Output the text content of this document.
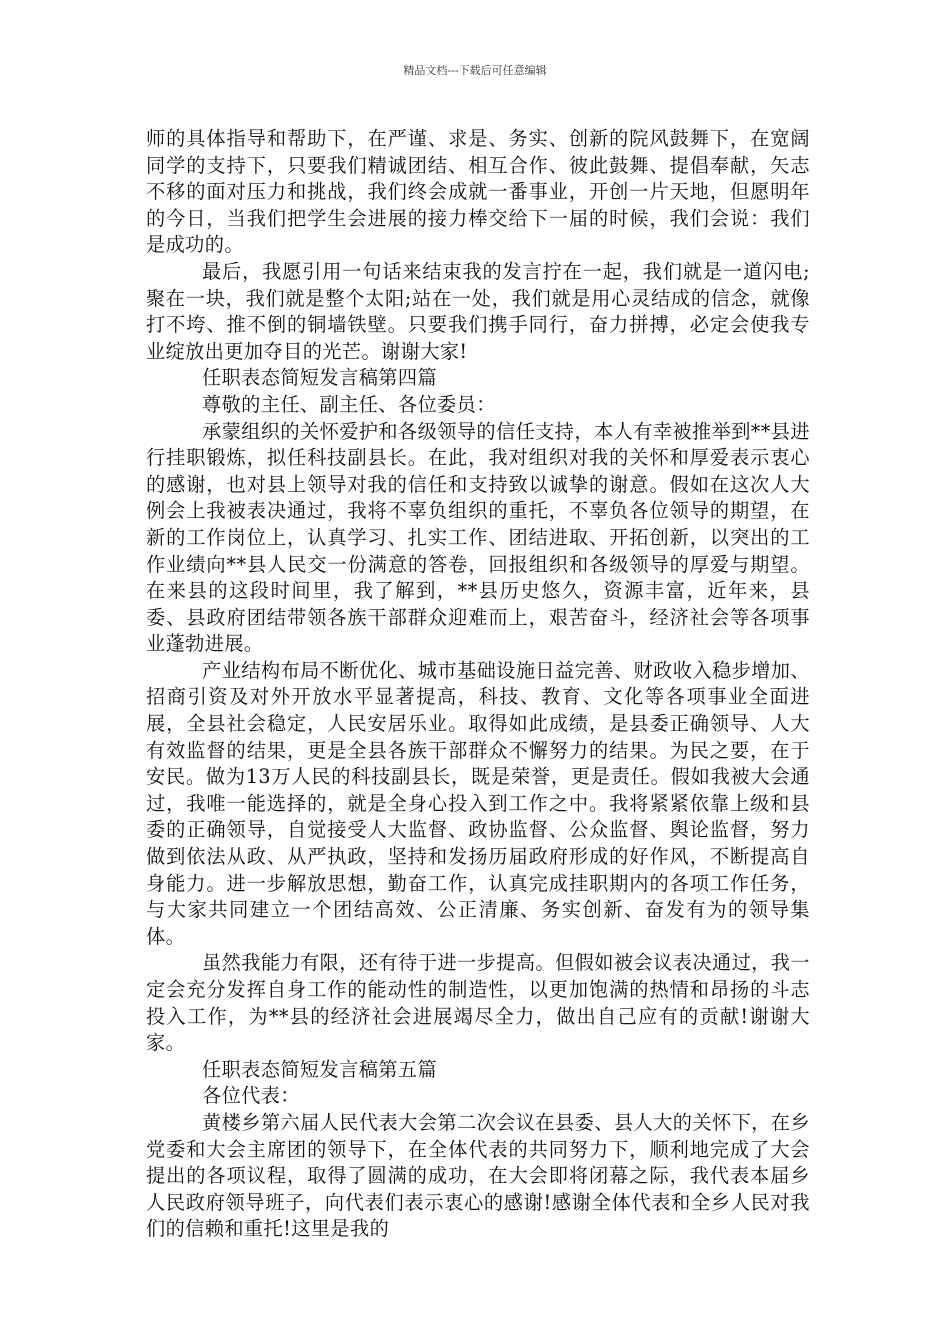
精品文档---下载后可任意编辑

师的具体指导和帮助下，在严谨、求是、务实、创新的院风鼓舞下，在宽阔同学的支持下，只要我们精诚团结、相互合作、彼此鼓舞、提倡奉献，矢志不移的面对压力和挑战，我们终会成就一番事业，开创一片天地，但愿明年的今日，当我们把学生会进展的接力棒交给下一届的时候，我们会说：我们是成功的。

最后，我愿引用一句话来结束我的发言拧在一起，我们就是一道闪电;聚在一块，我们就是整个太阳;站在一处，我们就是用心灵结成的信念，就像打不垮、推不倒的铜墙铁壁。只要我们携手同行，奋力拼搏，必定会使我专业绽放出更加夺目的光芒。谢谢大家!

任职表态简短发言稿第四篇

尊敬的主任、副主任、各位委员：

承蒙组织的关怀爱护和各级领导的信任支持，本人有幸被推举到**县进行挂职锻炼，拟任科技副县长。在此，我对组织对我的关怀和厚爱表示衷心的感谢，也对县上领导对我的信任和支持致以诚挚的谢意。假如在这次人大例会上我被表决通过，我将不辜负组织的重托，不辜负各位领导的期望，在新的工作岗位上，认真学习、扎实工作、团结进取、开拓创新，以突出的工作业绩向**县人民交一份满意的答卷，回报组织和各级领导的厚爱与期望。在来县的这段时间里，我了解到，**县历史悠久，资源丰富，近年来，县委、县政府团结带领各族干部群众迎难而上，艰苦奋斗，经济社会等各项事业蓬勃进展。

产业结构布局不断优化、城市基础设施日益完善、财政收入稳步增加、招商引资及对外开放水平显著提高，科技、教育、文化等各项事业全面进展，全县社会稳定，人民安居乐业。取得如此成绩，是县委正确领导、人大有效监督的结果，更是全县各族干部群众不懈努力的结果。为民之要，在于安民。做为13万人民的科技副县长，既是荣誉，更是责任。假如我被大会通过，我唯一能选择的，就是全身心投入到工作之中。我将紧紧依靠上级和县委的正确领导，自觉接受人大监督、政协监督、公众监督、舆论监督，努力做到依法从政、从严执政，坚持和发扬历届政府形成的好作风，不断提高自身能力。进一步解放思想，勤奋工作，认真完成挂职期内的各项工作任务，与大家共同建立一个团结高效、公正清廉、务实创新、奋发有为的领导集体。

虽然我能力有限，还有待于进一步提高。但假如被会议表决通过，我一定会充分发挥自身工作的能动性的制造性，以更加饱满的热情和昂扬的斗志投入工作，为**县的经济社会进展竭尽全力，做出自己应有的贡献!谢谢大家。

任职表态简短发言稿第五篇

各位代表：

黄楼乡第六届人民代表大会第二次会议在县委、县人大的关怀下，在乡党委和大会主席团的领导下，在全体代表的共同努力下，顺利地完成了大会提出的各项议程，取得了圆满的成功，在大会即将闭幕之际，我代表本届乡人民政府领导班子，向代表们表示衷心的感谢!感谢全体代表和全乡人民对我们的信赖和重托!这里是我的
